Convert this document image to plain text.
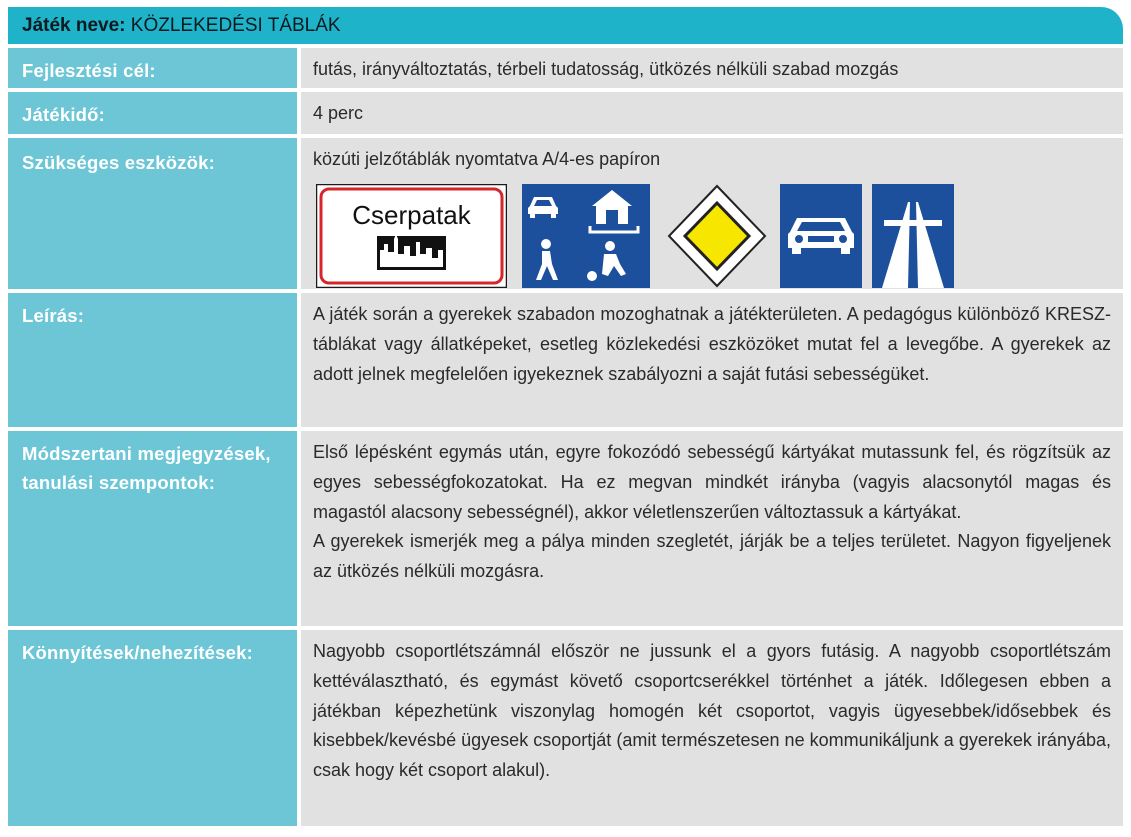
Játék neve: KÖZLEKEDÉSI TÁBLÁK
Fejlesztési cél:	futás, irányváltoztatás, térbeli tudatosság, ütközés nélküli szabad mozgás
Játékidő:	4 perc
Szükséges eszközök:	közúti jelzőtáblák nyomtatva A/4-es papíron

Cserpatak
Leírás:	A játék során a gyerekek szabadon mozoghatnak a játékterületen. A pedagógus különböző KRESZ-táblákat vagy állatképeket, esetleg közlekedési eszközöket mutat fel a levegőbe. A gyerekek az adott jelnek megfelelően igyekeznek szabályozni a saját futási sebességüket.
Módszertani megjegyzések, tanulási szempontok:

Első lépésként egymás után, egyre fokozódó sebességű kártyákat mutassunk fel, és rögzítsük az egyes sebességfokozatokat. Ha ez megvan mindkét irányba (vagyis alacsonytól magas és magastól alacsony sebességnél), akkor véletlenszerűen változtassuk a kártyákat.

A gyerekek ismerjék meg a pálya minden szegletét, járják be a teljes területet. Nagyon figyeljenek az ütközés nélküli mozgásra.

Könnyítések/nehezítések:	Nagyobb csoportlétszámnál először ne jussunk el a gyors futásig. A nagyobb csoportlétszám kettéválasztható, és egymást követő csoportcserékkel történhet a játék. Időlegesen ebben a játékban képezhetünk viszonylag homogén két csoportot, vagyis ügyesebbek/idősebbek és kisebbek/kevésbé ügyesek csoportját (amit természetesen ne kommunikáljunk a gyerekek irányába, csak hogy két csoport alakul).
